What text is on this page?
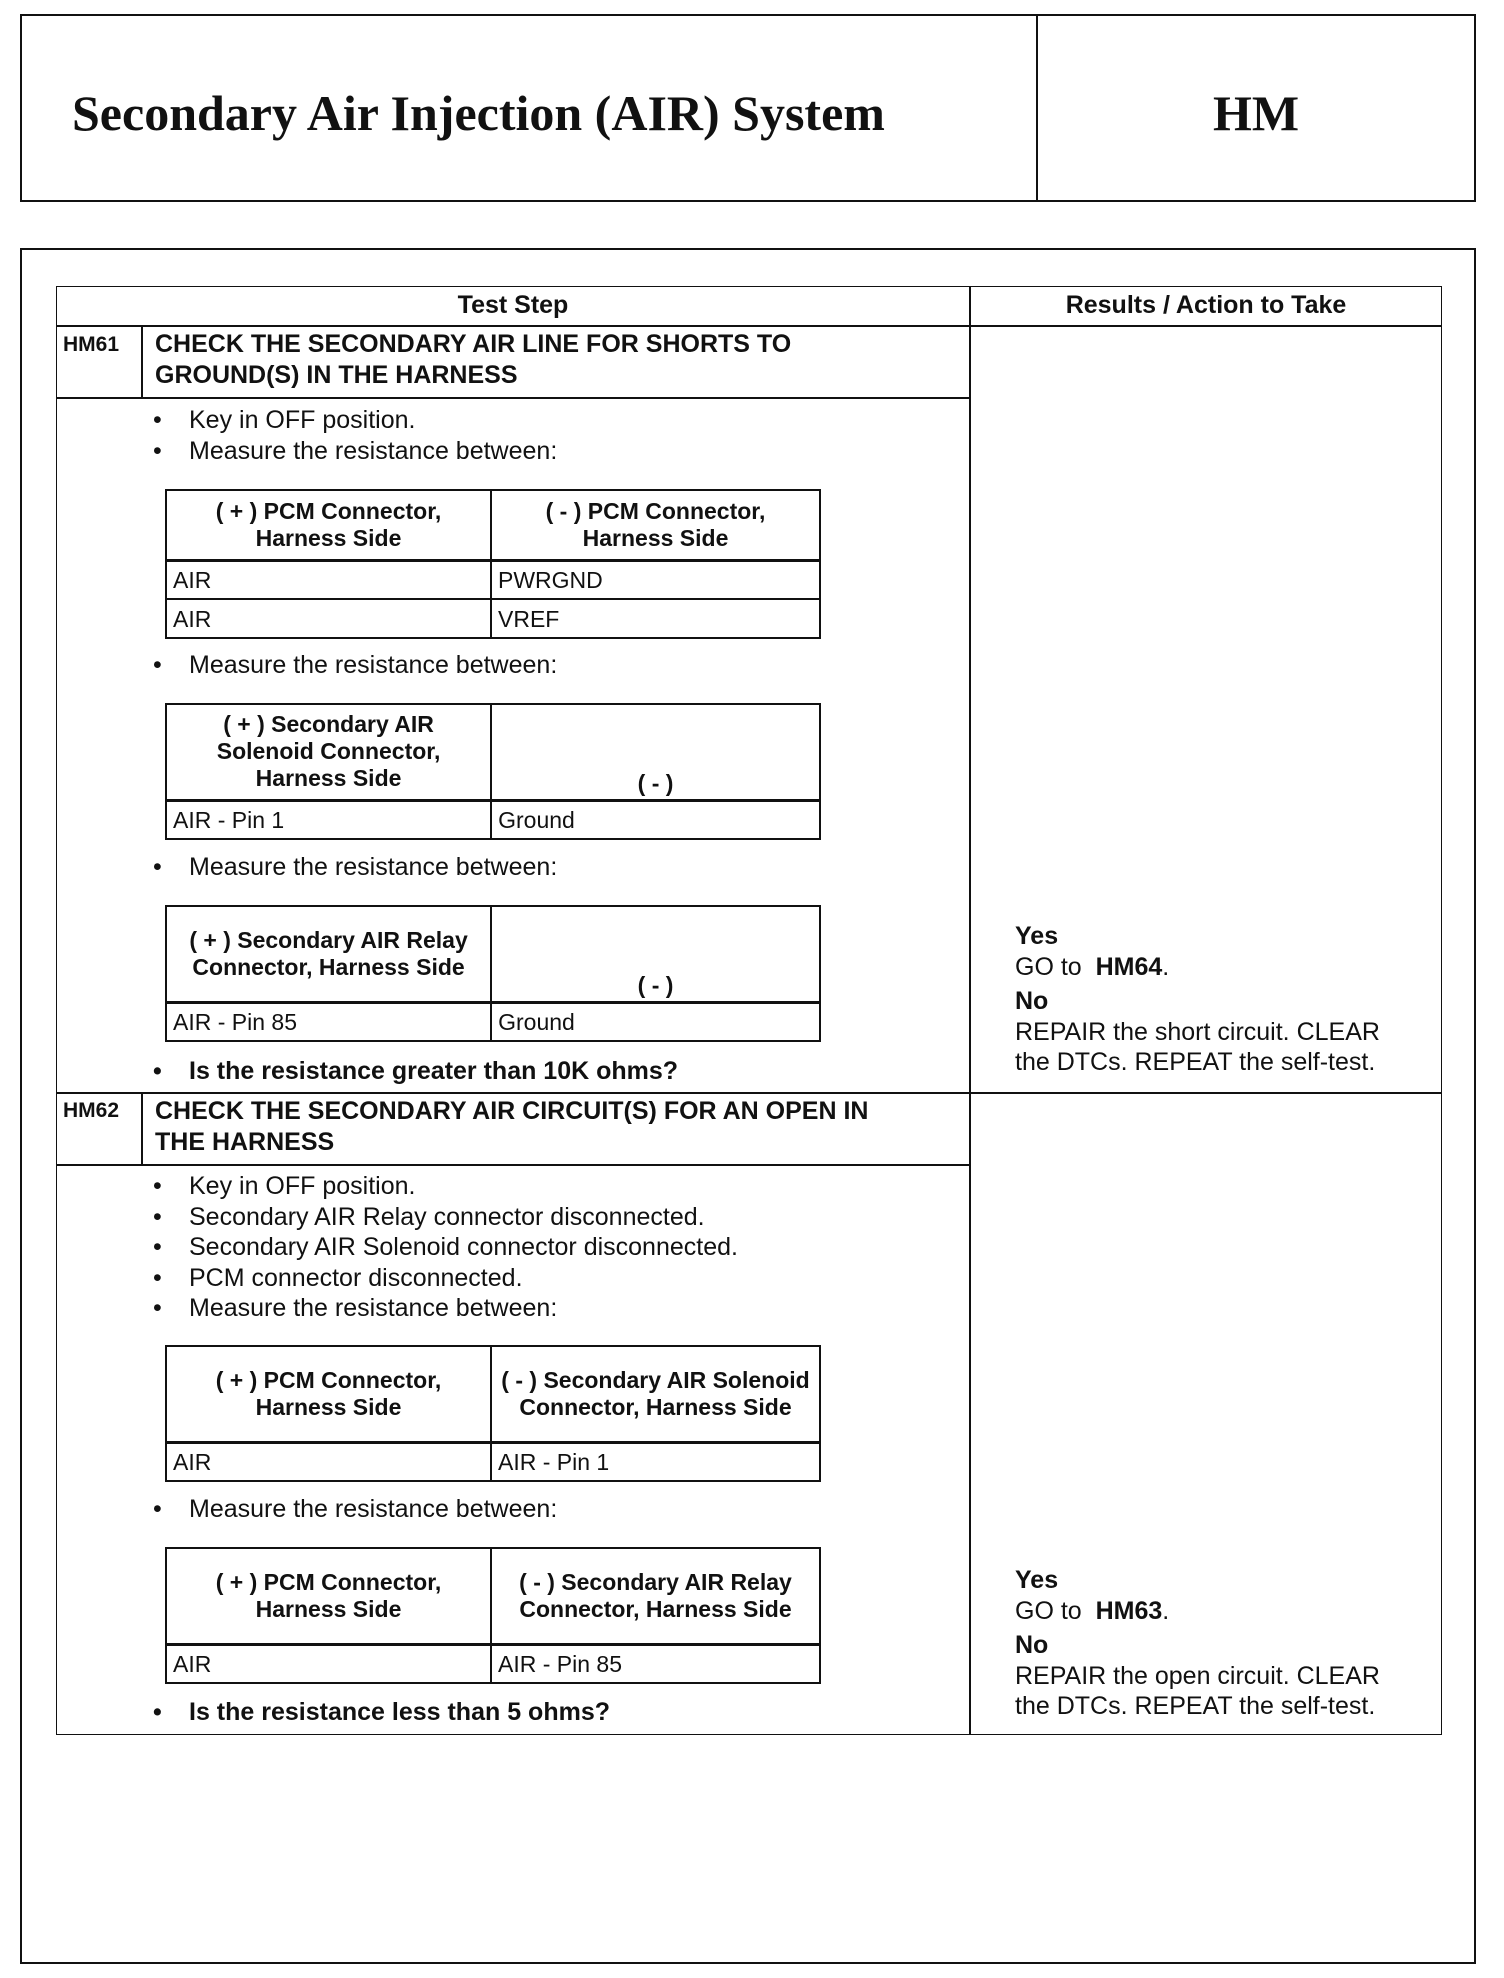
Secondary Air Injection (AIR) System	HM
Test Step	Results / Action to Take
HM61 CHECK THE SECONDARY AIR LINE FOR SHORTS TO GROUND(S) IN THE HARNESS
• Key in OFF position.
• Measure the resistance between:
( + ) PCM Connector, Harness Side	( - ) PCM Connector, Harness Side
AIR	PWRGND
AIR	VREF
• Measure the resistance between:
( + ) Secondary AIR Solenoid Connector, Harness Side	( - )
AIR - Pin 1	Ground
• Measure the resistance between:
( + ) Secondary AIR Relay Connector, Harness Side	( - )
AIR - Pin 85	Ground
• Is the resistance greater than 10K ohms?
Yes
GO to HM64.
No
REPAIR the short circuit. CLEAR
the DTCs. REPEAT the self-test.
HM62 CHECK THE SECONDARY AIR CIRCUIT(S) FOR AN OPEN IN THE HARNESS
• Key in OFF position.
• Secondary AIR Relay connector disconnected.
• Secondary AIR Solenoid connector disconnected.
• PCM connector disconnected.
• Measure the resistance between:
( + ) PCM Connector, Harness Side	( - ) Secondary AIR Solenoid Connector, Harness Side
AIR	AIR - Pin 1
• Measure the resistance between:
( + ) PCM Connector, Harness Side	( - ) Secondary AIR Relay Connector, Harness Side
AIR	AIR - Pin 85
• Is the resistance less than 5 ohms?
Yes
GO to HM63.
No
REPAIR the open circuit. CLEAR
the DTCs. REPEAT the self-test.
